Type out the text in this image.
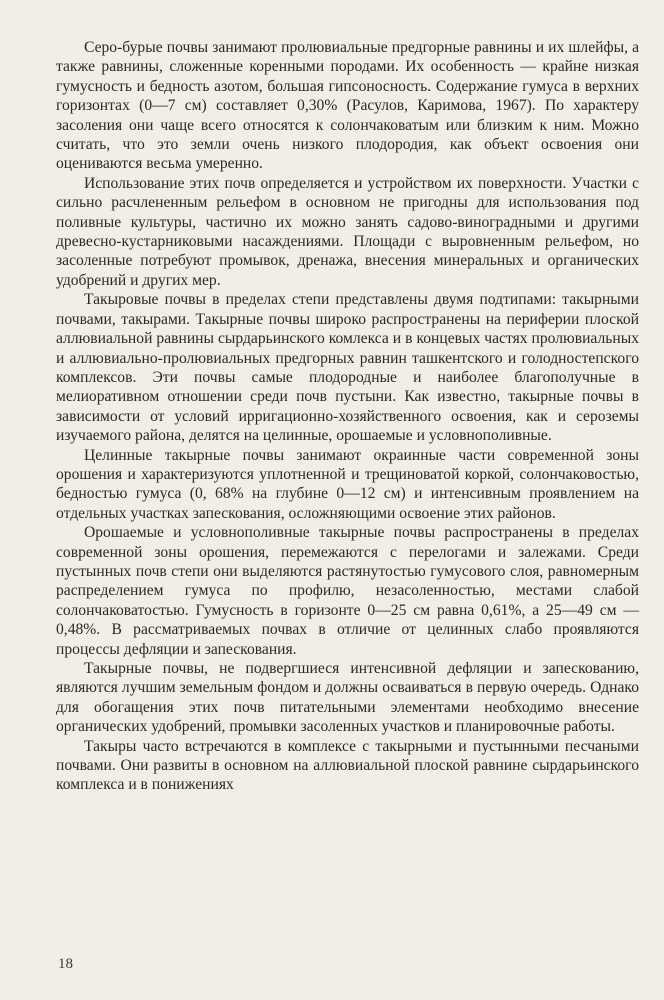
Серо-бурые почвы занимают пролювиальные предгорные равнины и их шлейфы, а также равнины, сложенные коренными породами. Их особенность — крайне низкая гумусность и бедность азотом, большая гипсоносность. Содержание гумуса в верхних горизонтах (0—7 см) составляет 0,30% (Расулов, Каримова, 1967). По характеру засоления они чаще всего относятся к солончаковатым или близким к ним. Можно считать, что это земли очень низкого плодородия, как объект освоения они оцениваются весьма умеренно.

Использование этих почв определяется и устройством их поверхности. Участки с сильно расчлененным рельефом в основном не пригодны для использования под поливные культуры, частично их можно занять садово-виноградными и другими древесно-кустарниковыми насаждениями. Площади с выровненным рельефом, но засоленные потребуют промывок, дренажа, внесения минеральных и органических удобрений и других мер.

Такыровые почвы в пределах степи представлены двумя подтипами: такырными почвами, такырами. Такырные почвы широко распространены на периферии плоской аллювиальной равнины сырдарьинского комлекса и в концевых частях пролювиальных и аллювиально-пролювиальных предгорных равнин ташкентского и голодностепского комплексов. Эти почвы самые плодородные и наиболее благополучные в мелиоративном отношении среди почв пустыни. Как известно, такырные почвы в зависимости от условий ирригационно-хозяйственного освоения, как и сероземы изучаемого района, делятся на целинные, орошаемые и условнополивные.

Целинные такырные почвы занимают окраинные части современной зоны орошения и характеризуются уплотненной и трещиноватой коркой, солончаковостью, бедностью гумуса (0, 68% на глубине 0—12 см) и интенсивным проявлением на отдельных участках запескования, осложняющими освоение этих районов.

Орошаемые и условнополивные такырные почвы распространены в пределах современной зоны орошения, перемежаются с перелогами и залежами. Среди пустынных почв степи они выделяются растянутостью гумусового слоя, равномерным распределением гумуса по профилю, незасоленностью, местами слабой солончаковатостью. Гумусность в горизонте 0—25 см равна 0,61%, а 25—49 см — 0,48%. В рассматриваемых почвах в отличие от целинных слабо проявляются процессы дефляции и запескования.

Такырные почвы, не подвергшиеся интенсивной дефляции и запескованию, являются лучшим земельным фондом и должны осваиваться в первую очередь. Однако для обогащения этих почв питательными элементами необходимо внесение органических удобрений, промывки засоленных участков и планировочные работы.

Такыры часто встречаются в комплексе с такырными и пустынными песчаными почвами. Они развиты в основном на аллювиальной плоской равнине сырдарьинского комплекса и в понижениях

18
